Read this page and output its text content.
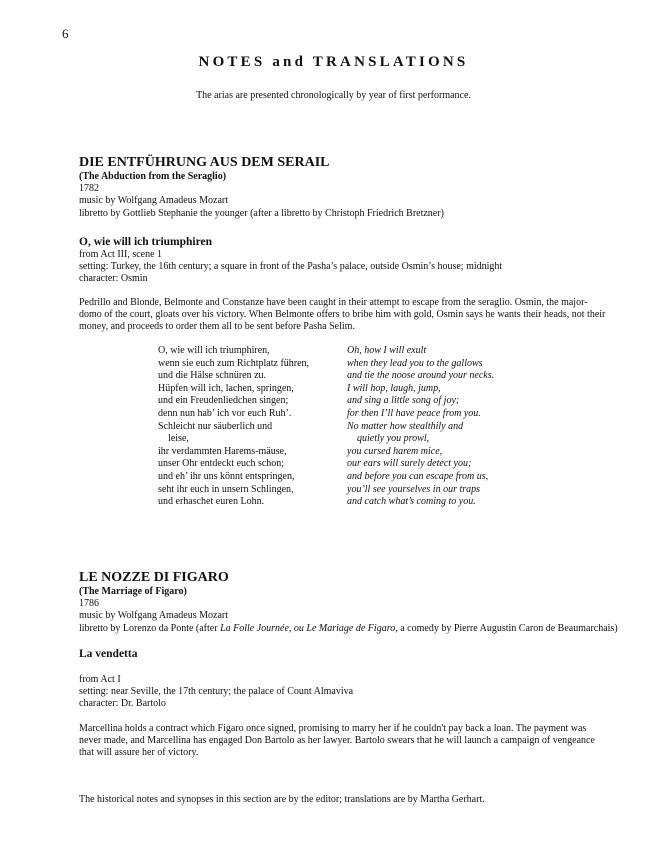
6
NOTES and TRANSLATIONS

The arias are presented chronologically by year of first performance.

DIE ENTFÜHRUNG AUS DEM SERAIL

(The Abduction from the Seraglio)

1782

music by Wolfgang Amadeus Mozart

libretto by Gottlieb Stephanie the younger (after a libretto by Christoph Friedrich Bretzner)

O, wie will ich triumphiren

from Act III, scene 1

setting: Turkey, the 16th century; a square in front of the Pasha’s palace, outside Osmin’s house; midnight

character: Osmin

Pedrillo and Blonde, Belmonte and Constanze have been caught in their attempt to escape from the seraglio. Osmin, the major-domo of the court, gloats over his victory. When Belmonte offers to bribe him with gold, Osmin says he wants their heads, not their money, and proceeds to order them all to be sent before Pasha Selim.

O, wie will ich triumphiren,

wenn sie euch zum Richtplatz führen,

und die Hälse schnüren zu.

Hüpfen will ich, lachen, springen,

und ein Freudenliedchen singen;

denn nun hab’ ich vor euch Ruh’.

Schleicht nur säuberlich und

leise,

ihr verdammten Harems-mäuse,

unser Ohr entdeckt euch schon;

und eh’ ihr uns könnt entspringen,

seht ihr euch in unsern Schlingen,

und erhaschet euren Lohn.

Oh, how I will exult

when they lead you to the gallows

and tie the noose around your necks.

I will hop, laugh, jump,

and sing a little song of joy;

for then I’ll have peace from you.

No matter how stealthily and

quietly you prowl,

you cursed harem mice,

our ears will surely detect you;

and before you can escape from us,

you’ll see yourselves in our traps

and catch what’s coming to you.

LE NOZZE DI FIGARO

(The Marriage of Figaro)

1786

music by Wolfgang Amadeus Mozart

libretto by Lorenzo da Ponte (after La Folle Journée, ou Le Mariage de Figaro, a comedy by Pierre Augustin Caron de Beaumarchais)

La vendetta

from Act I

setting: near Seville, the 17th century; the palace of Count Almaviva

character: Dr. Bartolo

Marcellina holds a contract which Figaro once signed, promising to marry her if he couldn't pay back a loan. The payment was never made, and Marcellina has engaged Don Bartolo as her lawyer. Bartolo swears that he will launch a campaign of vengeance that will assure her of victory.

The historical notes and synopses in this section are by the editor; translations are by Martha Gerhart.
